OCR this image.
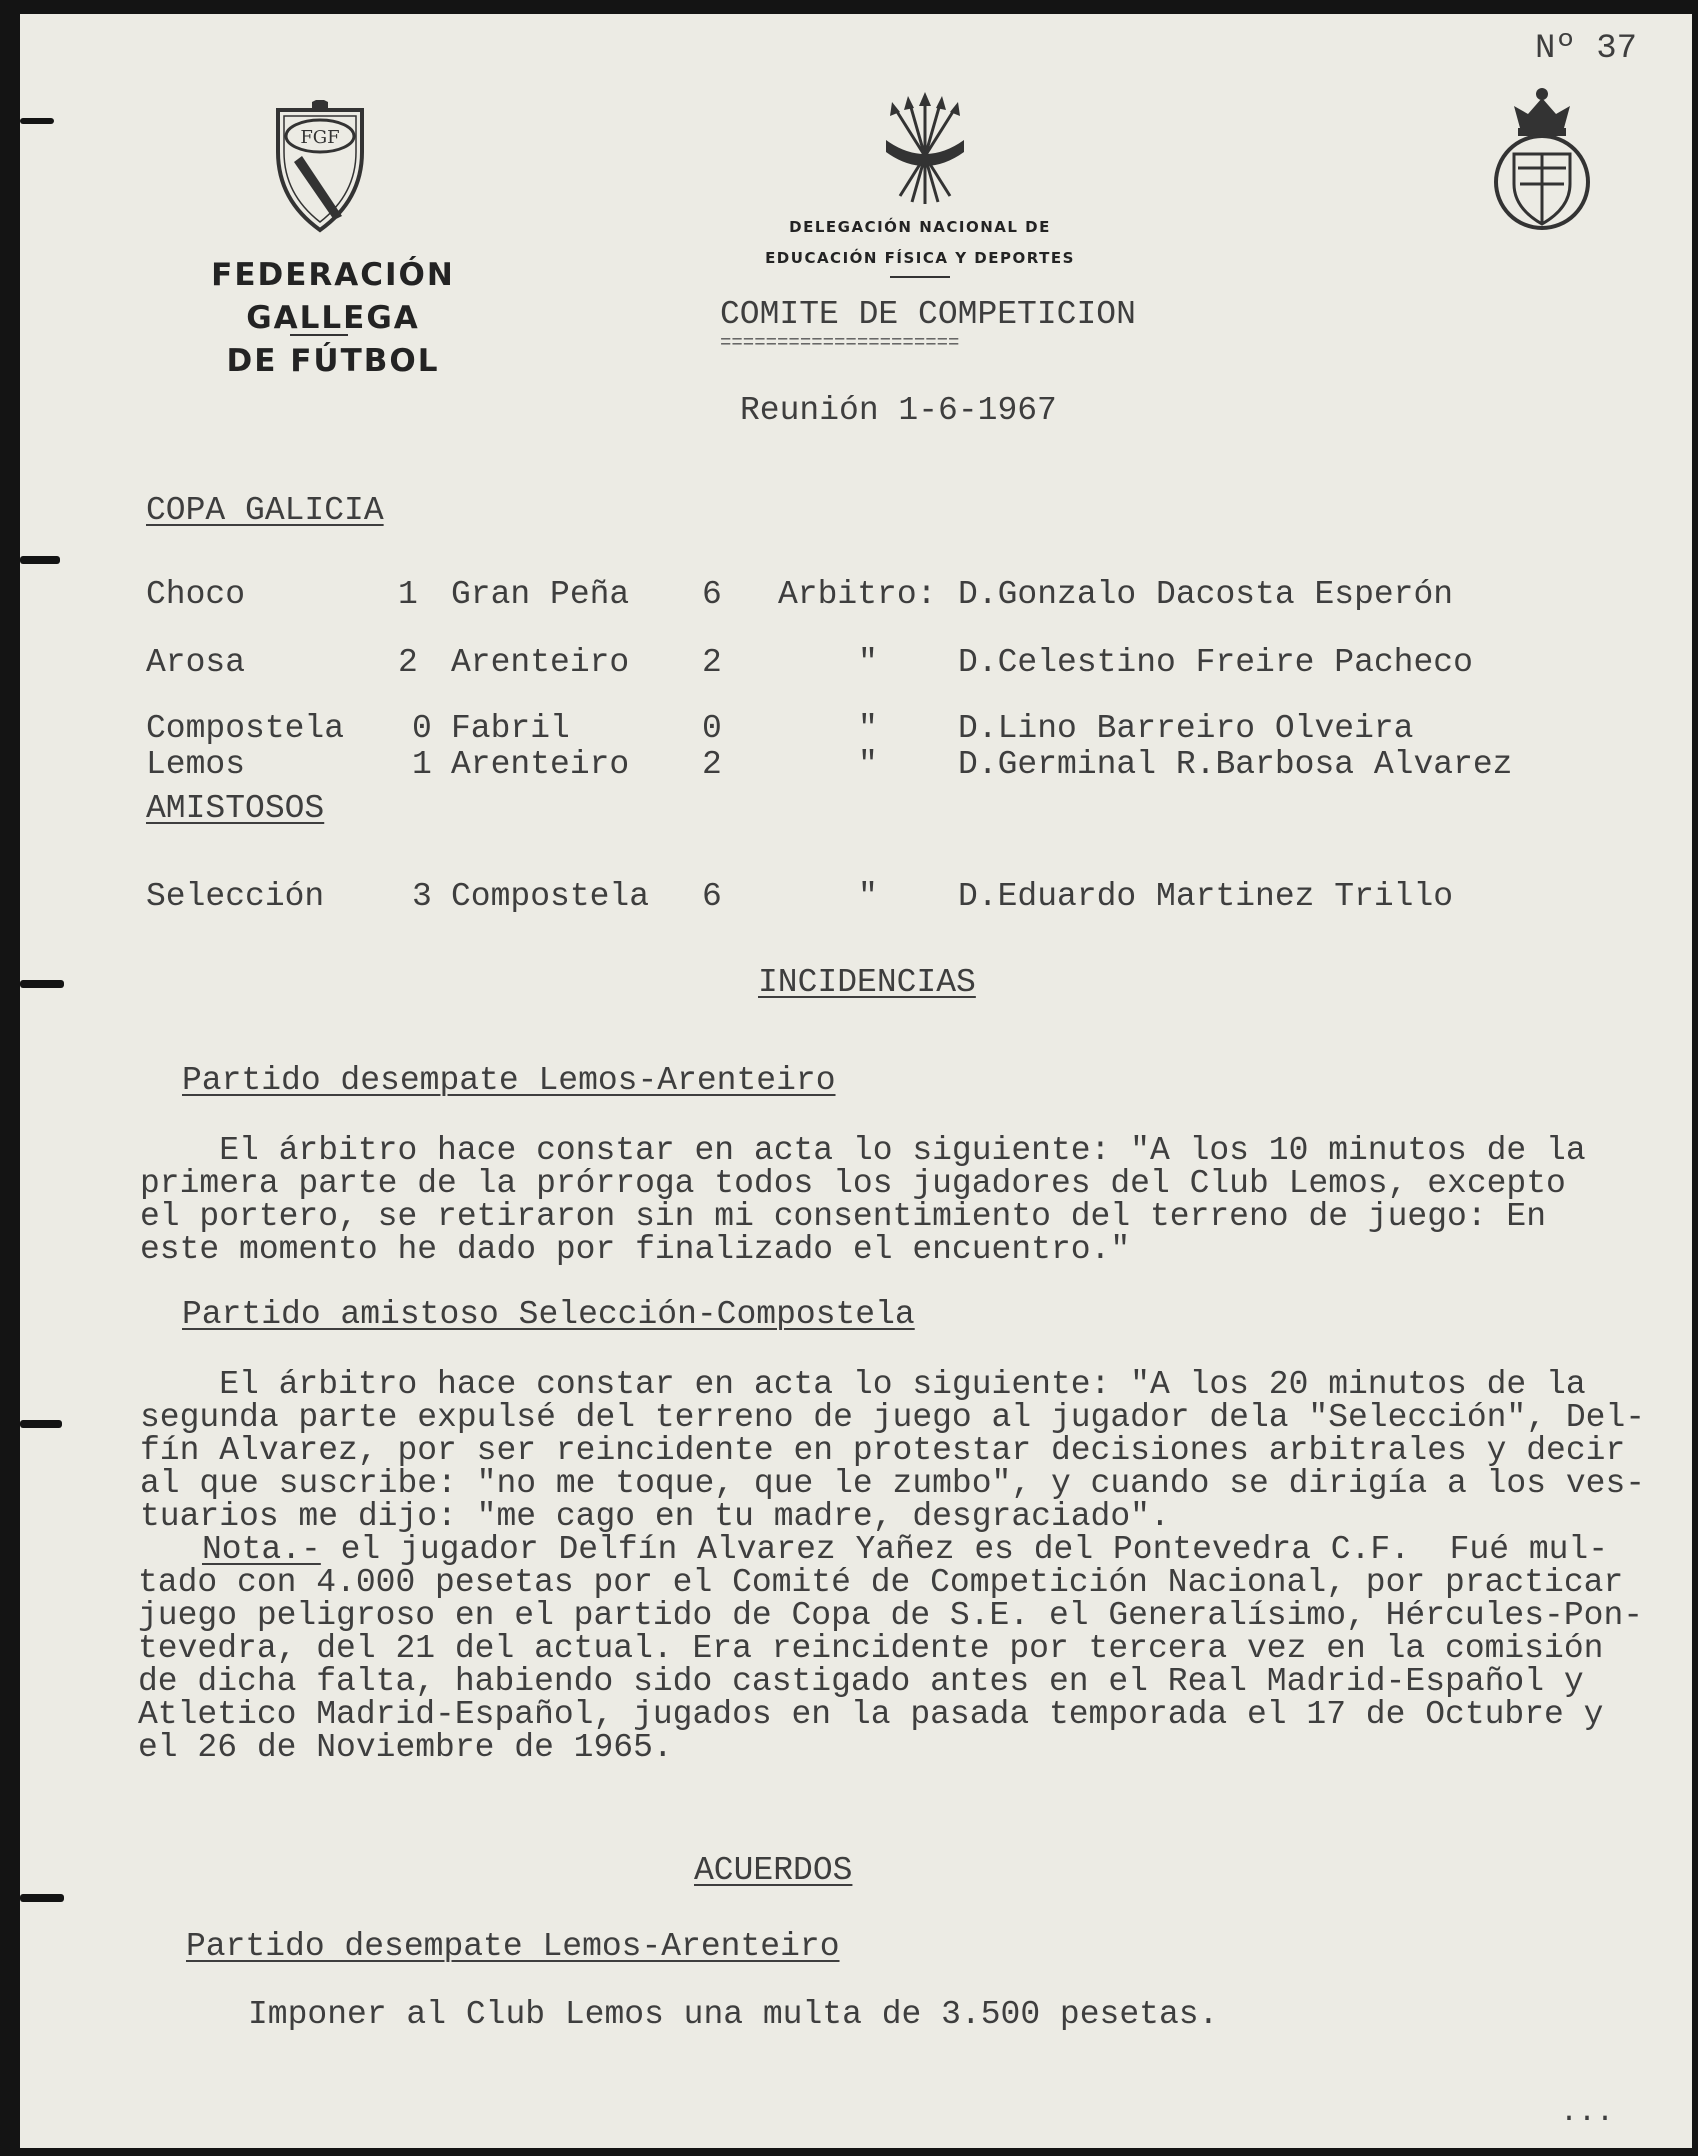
Nº 37
FGF
FEDERACIÓN GALLEGA
DE FÚTBOL
DELEGACIÓN NACIONAL DE
EDUCACIÓN FÍSICA Y DEPORTES
COMITE DE COMPETICION
=====================
Reunión 1-6-1967
COPA GALICIA
Choco	1 Gran Peña 6 Arbitro: D.Gonzalo Dacosta Esperón
Arosa	2 Arenteiro 2	" D.Celestino Freire Pacheco
Compostela 0 Fabril	0	" D.Lino Barreiro Olveira
Lemos	1 Arenteiro 2	" D.Germinal R.Barbosa Alvarez
AMISTOSOS
Selección	3 Compostela 6	" D.Eduardo Martinez Trillo
INCIDENCIAS
Partido desempate Lemos-Arenteiro
El árbitro hace constar en acta lo siguiente: "A los 10 minutos de la
primera parte de la prórroga todos los jugadores del Club Lemos, excepto
el portero, se retiraron sin mi consentimiento del terreno de juego: En
este momento he dado por finalizado el encuentro."
Partido amistoso Selección-Compostela
El árbitro hace constar en acta lo siguiente: "A los 20 minutos de la
segunda parte expulsé del terreno de juego al jugador dela "Selección", Del-
fín Alvarez, por ser reincidente en protestar decisiones arbitrales y decir
al que suscribe: "no me toque, que le zumbo", y cuando se dirigía a los ves-
tuarios me dijo: "me cago en tu madre, desgraciado".
Nota.- el jugador Delfín Alvarez Yañez es del Pontevedra C.F.  Fué mul-
tado con 4.000 pesetas por el Comité de Competición Nacional, por practicar
juego peligroso en el partido de Copa de S.E. el Generalísimo, Hércules-Pon-
tevedra, del 21 del actual. Era reincidente por tercera vez en la comisión
de dicha falta, habiendo sido castigado antes en el Real Madrid-Español y
Atletico Madrid-Español, jugados en la pasada temporada el 17 de Octubre y
el 26 de Noviembre de 1965.
ACUERDOS
Partido desempate Lemos-Arenteiro
Imponer al Club Lemos una multa de 3.500 pesetas.
...
